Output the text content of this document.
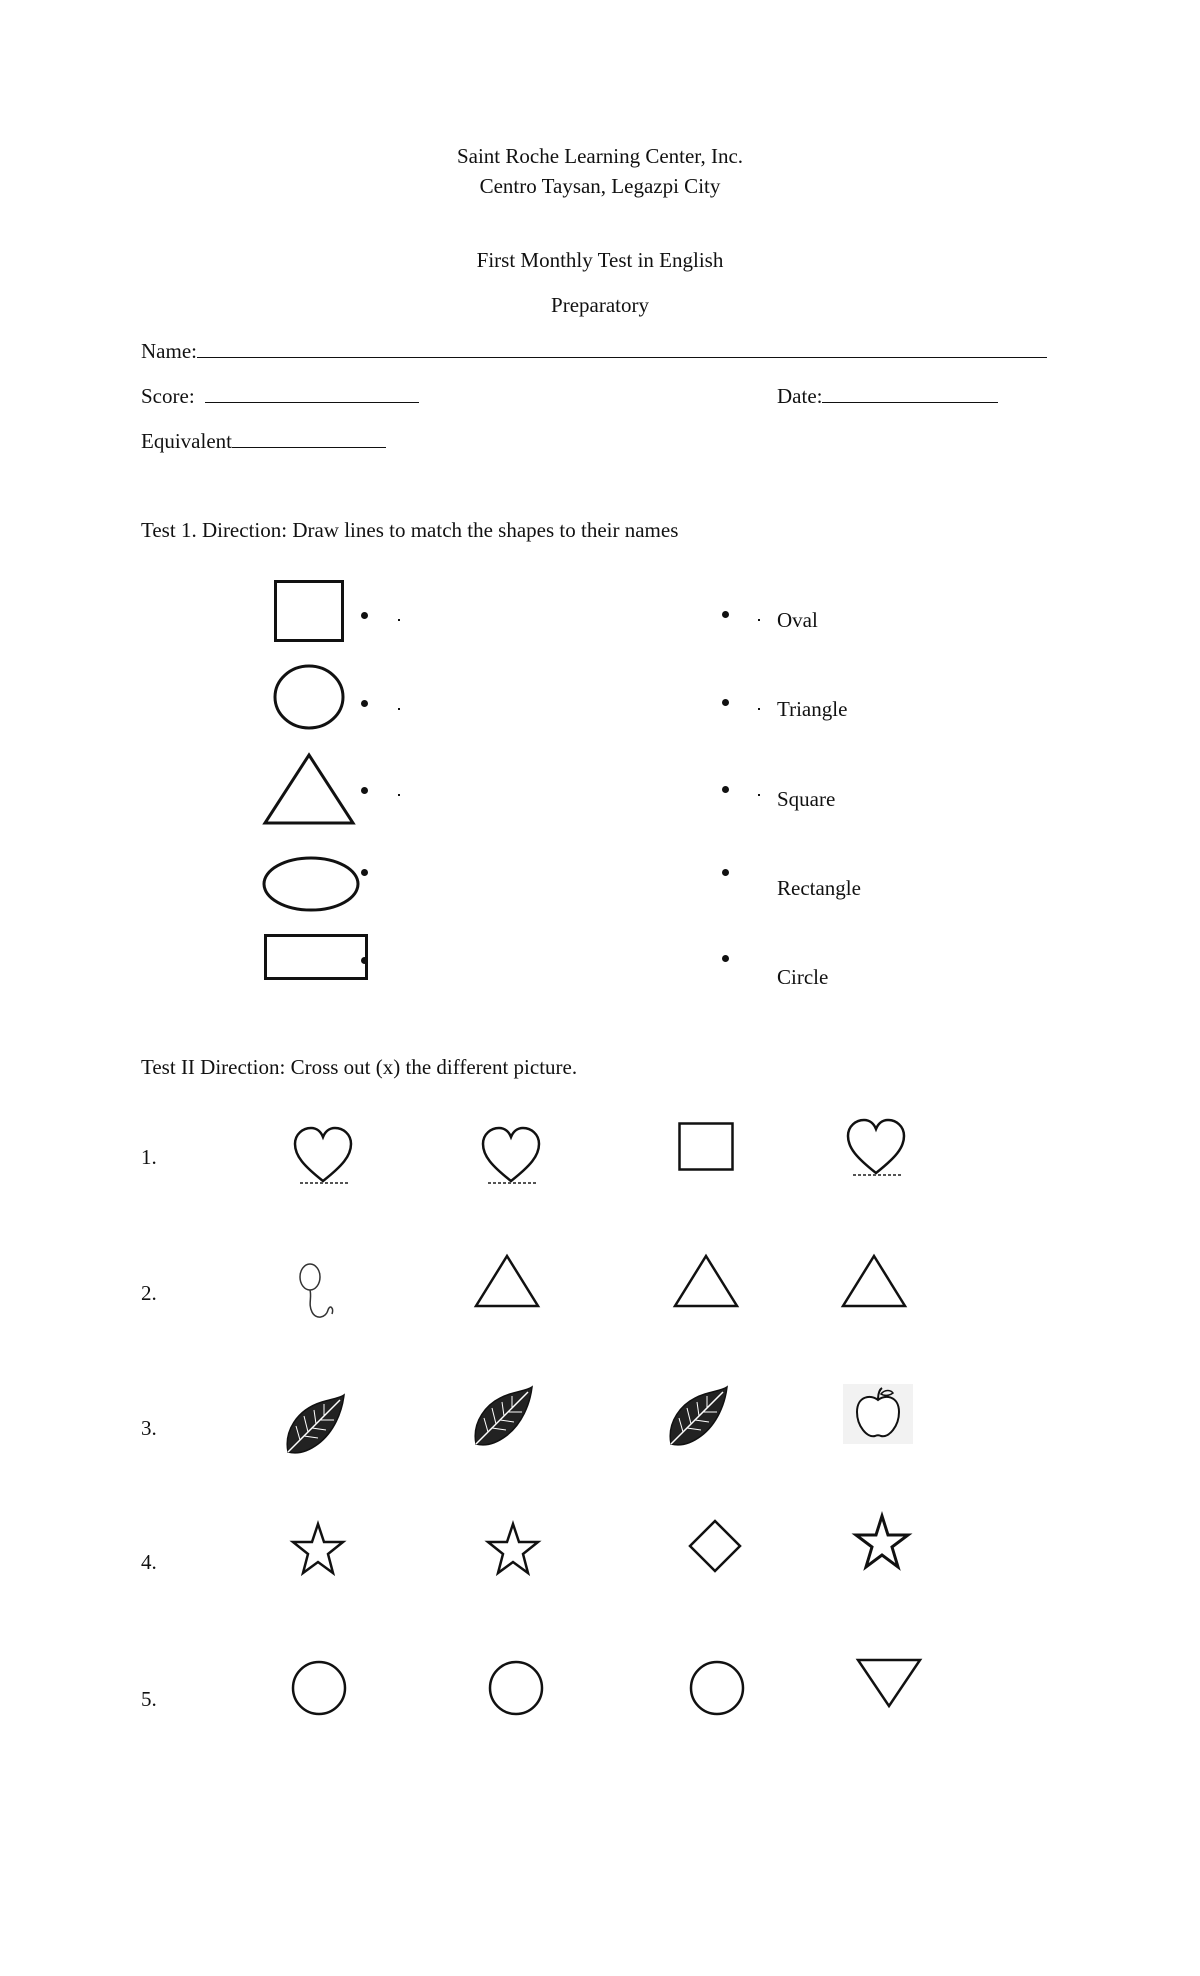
Saint Roche Learning Center, Inc.
Centro Taysan, Legazpi City
First Monthly Test in English
Preparatory
Name:
Score:	Date:
Equivalent
Test 1. Direction: Draw lines to match the shapes to their names
Oval
Triangle
Square
Rectangle
Circle
Test II Direction: Cross out (x) the different picture.
1.
2.
3.
4.
5.
